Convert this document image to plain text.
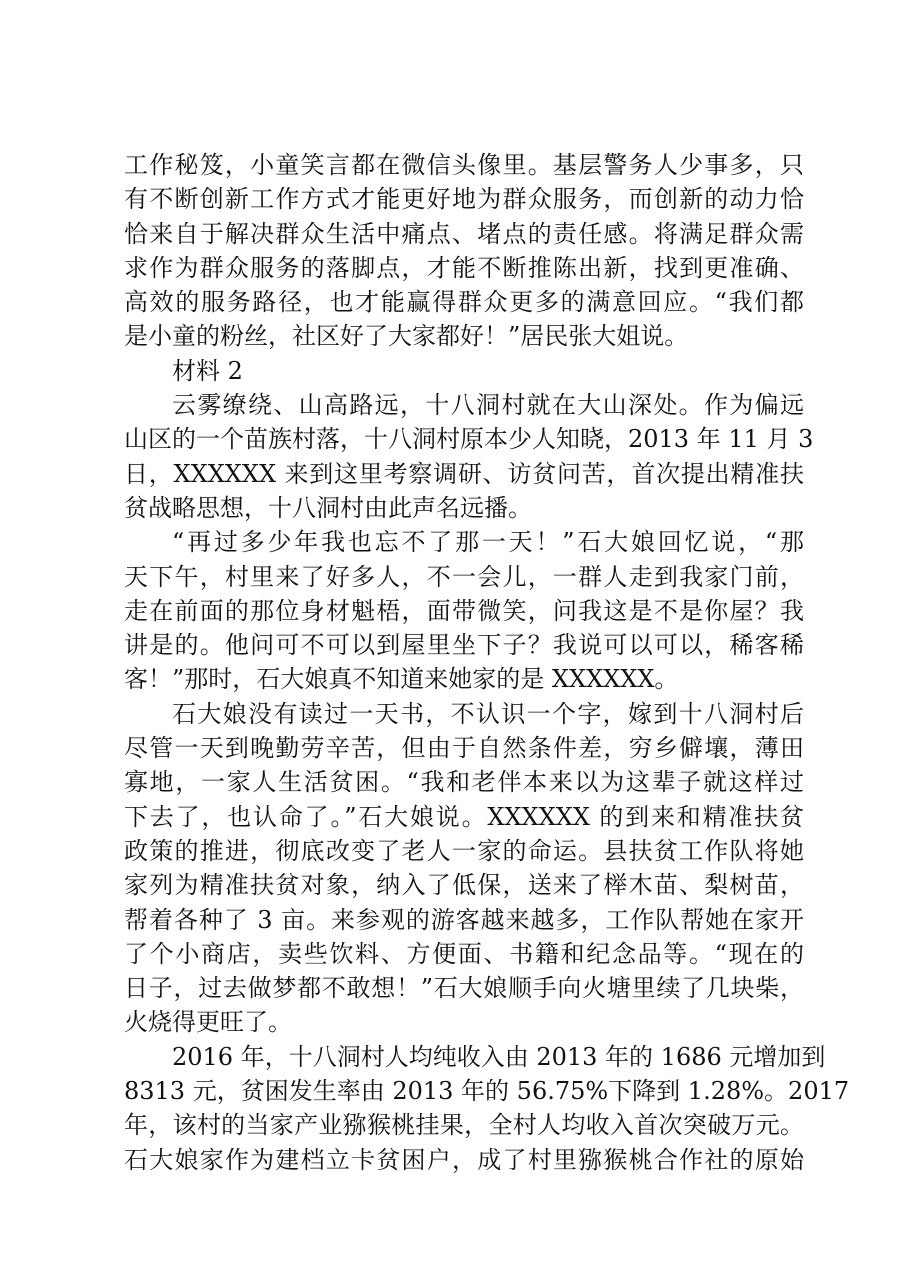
工作秘笈，小童笑言都在微信头像里。基层警务人少事多，只
有不断创新工作方式才能更好地为群众服务，而创新的动力恰
恰来自于解决群众生活中痛点、堵点的责任感。将满足群众需
求作为群众服务的落脚点，才能不断推陈出新，找到更准确、
高效的服务路径，也才能赢得群众更多的满意回应。“我们都
是小童的粉丝，社区好了大家都好！”居民张大姐说。
材料 2
云雾缭绕、山高路远，十八洞村就在大山深处。作为偏远
山区的一个苗族村落，十八洞村原本少人知晓，2013 年 11 月 3
日，XXXXXX 来到这里考察调研、访贫问苦，首次提出精准扶
贫战略思想，十八洞村由此声名远播。
“再过多少年我也忘不了那一天！”石大娘回忆说，“那
天下午，村里来了好多人，不一会儿，一群人走到我家门前，
走在前面的那位身材魁梧，面带微笑，问我这是不是你屋？我
讲是的。他问可不可以到屋里坐下子？我说可以可以，稀客稀
客！”那时，石大娘真不知道来她家的是 XXXXXX。
石大娘没有读过一天书，不认识一个字，嫁到十八洞村后
尽管一天到晚勤劳辛苦，但由于自然条件差，穷乡僻壤，薄田
寡地，一家人生活贫困。“我和老伴本来以为这辈子就这样过
下去了，也认命了。”石大娘说。XXXXXX 的到来和精准扶贫
政策的推进，彻底改变了老人一家的命运。县扶贫工作队将她
家列为精准扶贫对象，纳入了低保，送来了榉木苗、梨树苗，
帮着各种了 3 亩。来参观的游客越来越多，工作队帮她在家开
了个小商店，卖些饮料、方便面、书籍和纪念品等。“现在的
日子，过去做梦都不敢想！”石大娘顺手向火塘里续了几块柴，
火烧得更旺了。
2016 年，十八洞村人均纯收入由 2013 年的 1686 元增加到
8313 元，贫困发生率由 2013 年的 56.75%下降到 1.28%。2017
年，该村的当家产业猕猴桃挂果，全村人均收入首次突破万元。
石大娘家作为建档立卡贫困户，成了村里猕猴桃合作社的原始
